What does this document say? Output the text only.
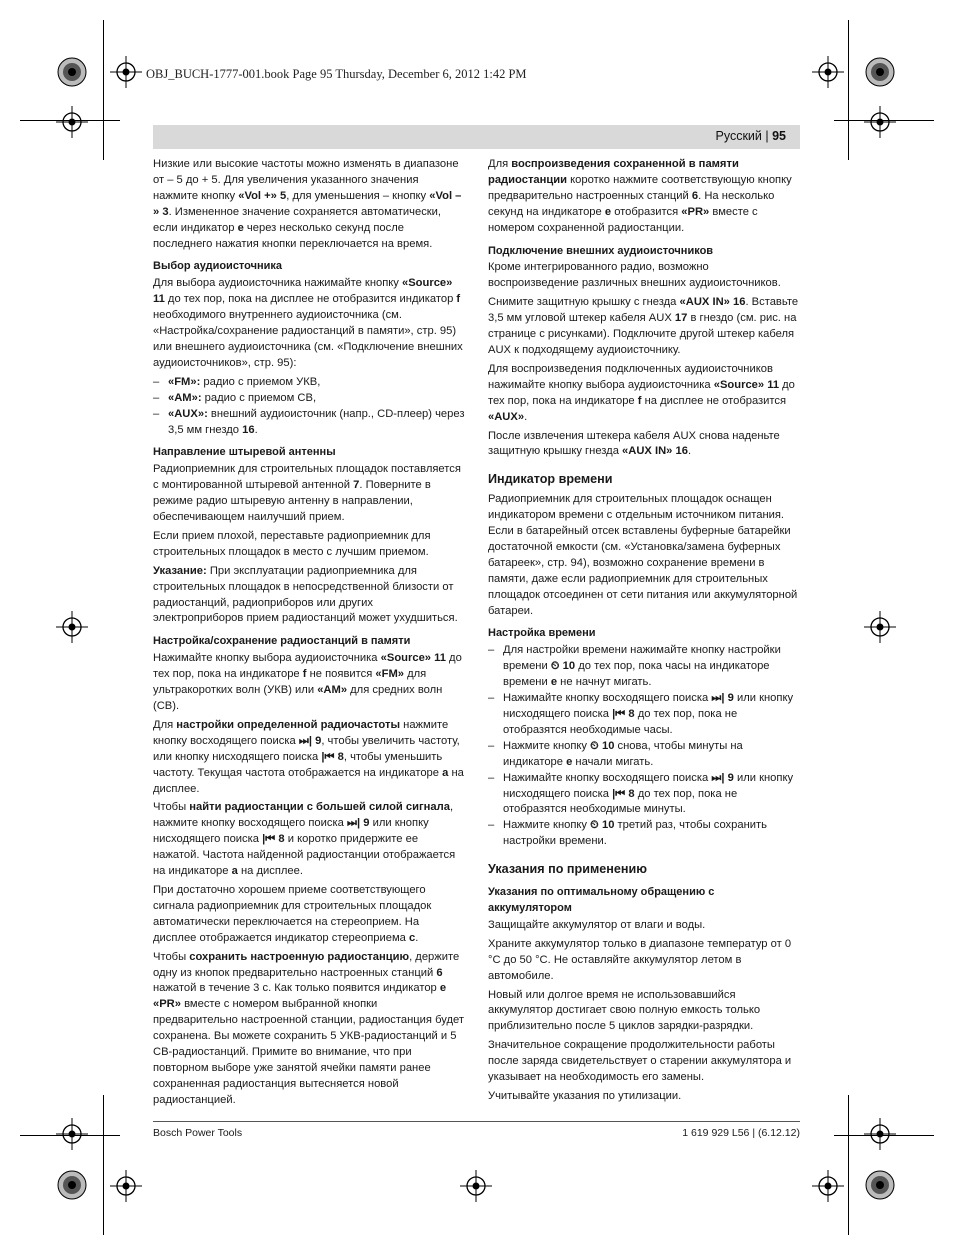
OBJ_BUCH-1777-001.book Page 95 Thursday, December 6, 2012 1:42 PM
Русский | 95

Низкие или высокие частоты можно изменять в диапазоне от – 5 до + 5. Для увеличения указанного значения нажмите кнопку «Vol +» 5, для уменьшения – кнопку «Vol – » 3. Измененное значение сохраняется автоматически, если индикатор e через несколько секунд после последнего нажатия кнопки переключается на время.

Выбор аудиоисточника

Для выбора аудиоисточника нажимайте кнопку «Source» 11 до тех пор, пока на дисплее не отобразится индикатор f необходимого внутреннего аудиоисточника (см. «Настройка/сохранение радиостанций в памяти», стр. 95) или внешнего аудиоисточника (см. «Подключение внешних аудиоисточников», стр. 95):

– «FM»: радио с приемом УКВ,
– «AM»: радио с приемом СВ,
– «AUX»: внешний аудиоисточник (напр., CD-плеер) через 3,5 мм гнездо 16.
Направление штыревой антенны

Радиоприемник для строительных площадок поставляется с монтированной штыревой антенной 7. Поверните в режиме радио штыревую антенну в направлении, обеспечивающем наилучший прием.

Если прием плохой, переставьте радиоприемник для строительных площадок в место с лучшим приемом.

Указание: При эксплуатации радиоприемника для строительных площадок в непосредственной близости от радиостанций, радиоприборов или других электроприборов прием радиостанций может ухудшиться.

Настройка/сохранение радиостанций в памяти

Нажимайте кнопку выбора аудиоисточника «Source» 11 до тех пор, пока на индикаторе f не появится «FM» для ультракоротких волн (УКВ) или «AM» для средних волн (СВ).

Для настройки определенной радиочастоты нажмите кнопку восходящего поиска ⏭| 9, чтобы увеличить частоту, или кнопку нисходящего поиска |⏮ 8, чтобы уменьшить частоту. Текущая частота отображается на индикаторе a на дисплее.

Чтобы найти радиостанции с большей силой сигнала, нажмите кнопку восходящего поиска ⏭| 9 или кнопку нисходящего поиска |⏮ 8 и коротко придержите ее нажатой. Частота найденной радиостанции отображается на индикаторе a на дисплее.

При достаточно хорошем приеме соответствующего сигнала радиоприемник для строительных площадок автоматически переключается на стереоприем. На дисплее отображается индикатор стереоприема c.

Чтобы сохранить настроенную радиостанцию, держите одну из кнопок предварительно настроенных станций 6 нажатой в течение 3 с. Как только появится индикатор e «PR» вместе с номером выбранной кнопки предварительно настроенной станции, радиостанция будет сохранена. Вы можете сохранить 5 УКВ-радиостанций и 5 СВ-радиостанций. Примите во внимание, что при повторном выборе уже занятой ячейки памяти ранее сохраненная радиостанция вытесняется новой радиостанцией.

Для воспроизведения сохраненной в памяти радиостанции коротко нажмите соответствующую кнопку предварительно настроенных станций 6. На несколько секунд на индикаторе e отобразится «PR» вместе с номером сохраненной радиостанции.

Подключение внешних аудиоисточников

Кроме интегрированного радио, возможно воспроизведение различных внешних аудиоисточников.

Снимите защитную крышку с гнезда «AUX IN» 16. Вставьте 3,5 мм угловой штекер кабеля AUX 17 в гнездо (см. рис. на странице с рисунками). Подключите другой штекер кабеля AUX к подходящему аудиоисточнику.

Для воспроизведения подключенных аудиоисточников нажимайте кнопку выбора аудиоисточника «Source» 11 до тех пор, пока на индикаторе f на дисплее не отобразится «AUX».

После извлечения штекера кабеля AUX снова наденьте защитную крышку гнезда «AUX IN» 16.

Индикатор времени

Радиоприемник для строительных площадок оснащен индикатором времени с отдельным источником питания. Если в батарейный отсек вставлены буферные батарейки достаточной емкости (см. «Установка/замена буферных батареек», стр. 94), возможно сохранение времени в памяти, даже если радиоприемник для строительных площадок отсоединен от сети питания или аккумуляторной батареи.

Настройка времени
– Для настройки времени нажимайте кнопку настройки времени ⏲ 10 до тех пор, пока часы на индикаторе времени e не начнут мигать.
– Нажимайте кнопку восходящего поиска ⏭| 9 или кнопку нисходящего поиска |⏮ 8 до тех пор, пока не отобразятся необходимые часы.
– Нажмите кнопку ⏲ 10 снова, чтобы минуты на индикаторе e начали мигать.
– Нажимайте кнопку восходящего поиска ⏭| 9 или кнопку нисходящего поиска |⏮ 8 до тех пор, пока не отобразятся необходимые минуты.
– Нажмите кнопку ⏲ 10 третий раз, чтобы сохранить настройки времени.
Указания по применению
Указания по оптимальному обращению с аккумулятором

Защищайте аккумулятор от влаги и воды.

Храните аккумулятор только в диапазоне температур от 0 °C до 50 °C. Не оставляйте аккумулятор летом в автомобиле.

Новый или долгое время не использовавшийся аккумулятор достигает свою полную емкость только приблизительно после 5 циклов зарядки-разрядки.

Значительное сокращение продолжительности работы после заряда свидетельствует о старении аккумулятора и указывает на необходимость его замены.

Учитывайте указания по утилизации.

Bosch Power Tools	1 619 929 L56 | (6.12.12)
